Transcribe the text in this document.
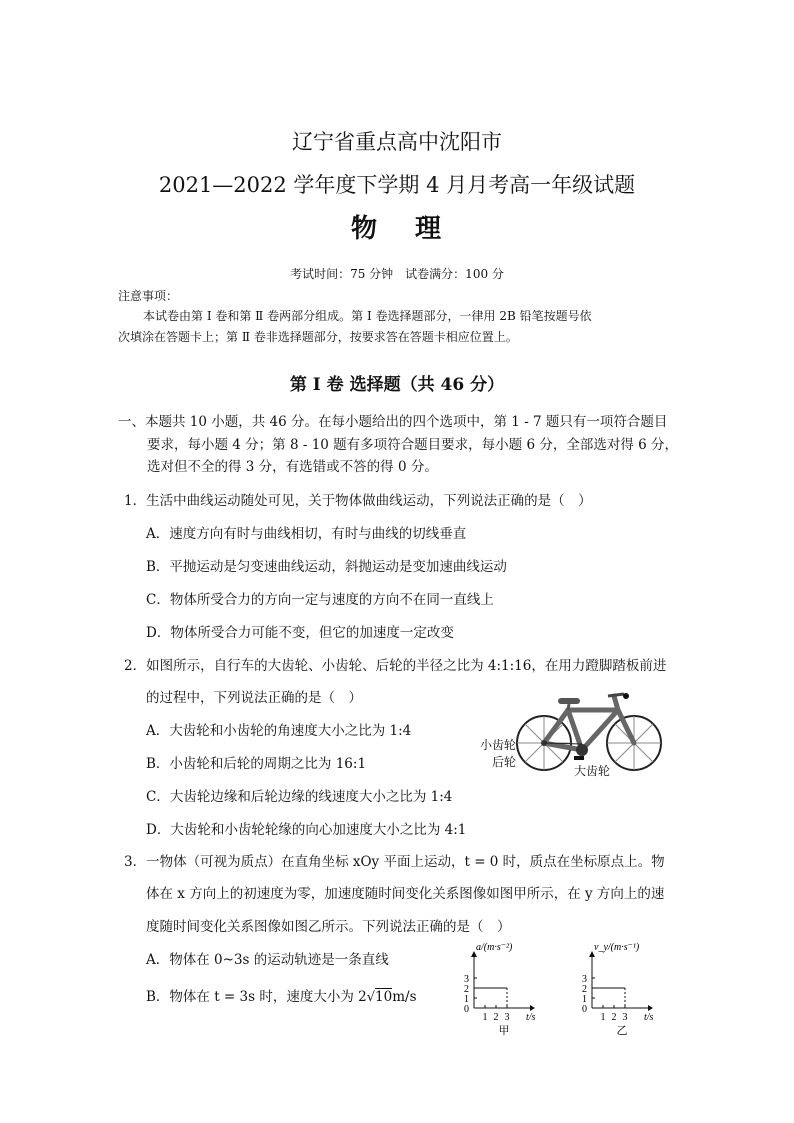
辽宁省重点高中沈阳市
2021—2022 学年度下学期 4 月月考高一年级试题
物 理
考试时间：75 分钟　试卷满分：100 分
注意事项：
本试卷由第 Ⅰ 卷和第 Ⅱ 卷两部分组成。第 Ⅰ 卷选择题部分，一律用 2B 铅笔按题号依
次填涂在答题卡上；第 Ⅱ 卷非选择题部分，按要求答在答题卡相应位置上。
第 Ⅰ 卷 选择题（共 46 分）
一、本题共 10 小题，共 46 分。在每小题给出的四个选项中，第 1 - 7 题只有一项符合题目
要求，每小题 4 分；第 8 - 10 题有多项符合题目要求，每小题 6 分，全部选对得 6 分，
选对但不全的得 3 分，有选错或不答的得 0 分。
1．生活中曲线运动随处可见，关于物体做曲线运动，下列说法正确的是（　）
A．速度方向有时与曲线相切，有时与曲线的切线垂直
B．平抛运动是匀变速曲线运动，斜抛运动是变加速曲线运动
C．物体所受合力的方向一定与速度的方向不在同一直线上
D．物体所受合力可能不变，但它的加速度一定改变
2．如图所示，自行车的大齿轮、小齿轮、后轮的半径之比为 4:1:16，在用力蹬脚踏板前进
的过程中，下列说法正确的是（　）
A．大齿轮和小齿轮的角速度大小之比为 1:4
B．小齿轮和后轮的周期之比为 16:1
C．大齿轮边缘和后轮边缘的线速度大小之比为 1:4
D．大齿轮和小齿轮轮缘的向心加速度大小之比为 4:1
小齿轮
后轮
大齿轮
3．一物体（可视为质点）在直角坐标 xOy 平面上运动，t = 0 时，质点在坐标原点上。物
体在 x 方向上的初速度为零，加速度随时间变化关系图像如图甲所示，在 y 方向上的速
度随时间变化关系图像如图乙所示。下列说法正确的是（　）
A．物体在 0~3s 的运动轨迹是一条直线
B．物体在 t = 3s 时，速度大小为 2√10m/s
0
1
2
3
1 2 3
a/(m·s⁻²)
t/s
甲
0
1
2
3
1 2 3
v_y/(m·s⁻¹)
t/s
乙
